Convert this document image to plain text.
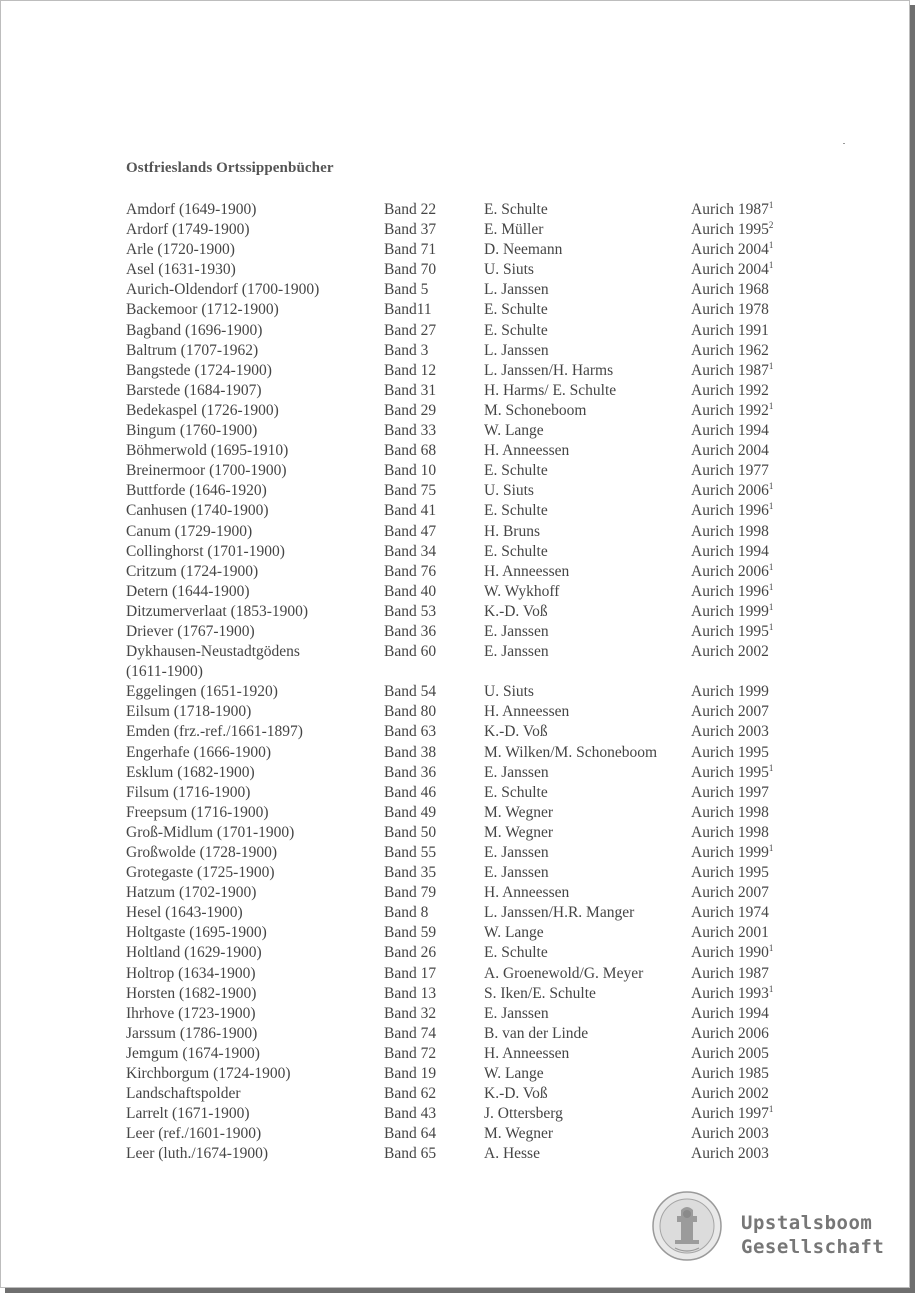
Ostfrieslands Ortssippenbücher
Amdorf (1649-1900)	Band 22	E. Schulte	Aurich 1987$^1$
Ardorf (1749-1900)	Band 37	E. Müller	Aurich 1995$^2$
Arle (1720-1900)	Band 71	D. Neemann	Aurich 2004$^1$
Asel (1631-1930)	Band 70	U. Siuts	Aurich 2004$^1$
Aurich-Oldendorf (1700-1900)	Band 5	L. Janssen	Aurich 1968
Backemoor (1712-1900)	Band11	E. Schulte	Aurich 1978
Bagband (1696-1900)	Band 27	E. Schulte	Aurich 1991
Baltrum (1707-1962)	Band 3	L. Janssen	Aurich 1962
Bangstede (1724-1900)	Band 12	L. Janssen/H. Harms	Aurich 1987$^1$
Barstede (1684-1907)	Band 31	H. Harms/ E. Schulte	Aurich 1992
Bedekaspel (1726-1900)	Band 29	M. Schoneboom	Aurich 1992$^1$
Bingum (1760-1900)	Band 33	W. Lange	Aurich 1994
Böhmerwold (1695-1910)	Band 68	H. Anneessen	Aurich 2004
Breinermoor (1700-1900)	Band 10	E. Schulte	Aurich 1977
Buttforde (1646-1920)	Band 75	U. Siuts	Aurich 2006$^1$
Canhusen (1740-1900)	Band 41	E. Schulte	Aurich 1996$^1$
Canum (1729-1900)	Band 47	H. Bruns	Aurich 1998
Collinghorst (1701-1900)	Band 34	E. Schulte	Aurich 1994
Critzum (1724-1900)	Band 76	H. Anneessen	Aurich 2006$^1$
Detern (1644-1900)	Band 40	W. Wykhoff	Aurich 1996$^1$
Ditzumerverlaat (1853-1900)	Band 53	K.-D. Voß	Aurich 1999$^1$
Driever (1767-1900)	Band 36	E. Janssen	Aurich 1995$^1$
Dykhausen-Neustadtgödens	Band 60	E. Janssen	Aurich 2002
(1611-1900)
Eggelingen (1651-1920)	Band 54	U. Siuts	Aurich 1999
Eilsum (1718-1900)	Band 80	H. Anneessen	Aurich 2007
Emden (frz.-ref./1661-1897)	Band 63	K.-D. Voß	Aurich 2003
Engerhafe (1666-1900)	Band 38	M. Wilken/M. Schoneboom	Aurich 1995
Esklum (1682-1900)	Band 36	E. Janssen	Aurich 1995$^1$
Filsum (1716-1900)	Band 46	E. Schulte	Aurich 1997
Freepsum (1716-1900)	Band 49	M. Wegner	Aurich 1998
Groß-Midlum (1701-1900)	Band 50	M. Wegner	Aurich 1998
Großwolde (1728-1900)	Band 55	E. Janssen	Aurich 1999$^1$
Grotegaste (1725-1900)	Band 35	E. Janssen	Aurich 1995
Hatzum (1702-1900)	Band 79	H. Anneessen	Aurich 2007
Hesel (1643-1900)	Band 8	L. Janssen/H.R. Manger	Aurich 1974
Holtgaste (1695-1900)	Band 59	W. Lange	Aurich 2001
Holtland (1629-1900)	Band 26	E. Schulte	Aurich 1990$^1$
Holtrop (1634-1900)	Band 17	A. Groenewold/G. Meyer	Aurich 1987
Horsten (1682-1900)	Band 13	S. Iken/E. Schulte	Aurich 1993$^1$
Ihrhove (1723-1900)	Band 32	E. Janssen	Aurich 1994
Jarssum (1786-1900)	Band 74	B. van der Linde	Aurich 2006
Jemgum (1674-1900)	Band 72	H. Anneessen	Aurich 2005
Kirchborgum (1724-1900)	Band 19	W. Lange	Aurich 1985
Landschaftspolder	Band 62	K.-D. Voß	Aurich 2002
Larrelt (1671-1900)	Band 43	J. Ottersberg	Aurich 1997$^1$
Leer (ref./1601-1900)	Band 64	M. Wegner	Aurich 2003
Leer (luth./1674-1900)	Band 65	A. Hesse	Aurich 2003
Upstalsboom
Gesellschaft
